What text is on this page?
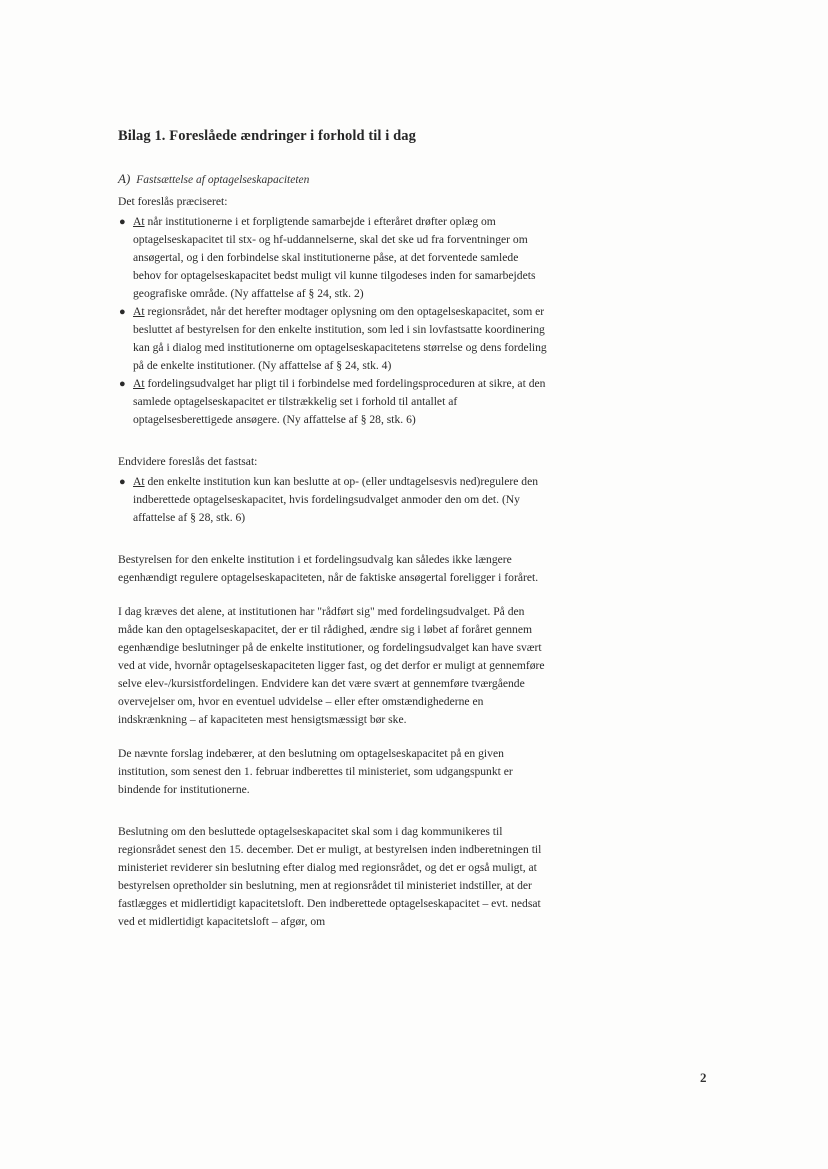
Bilag 1. Foreslåede ændringer i forhold til i dag
A) Fastsættelse af optagelseskapaciteten

Det foreslås præciseret:

● At når institutionerne i et forpligtende samarbejde i efteråret drøfter oplæg om optagelseskapacitet til stx- og hf-uddannelserne, skal det ske ud fra forventninger om ansøgertal, og i den forbindelse skal institutionerne påse, at det forventede samlede behov for optagelseskapacitet bedst muligt vil kunne tilgodeses inden for samarbejdets geografiske område. (Ny affattelse af § 24, stk. 2)
● At regionsrådet, når det herefter modtager oplysning om den optagelseskapacitet, som er besluttet af bestyrelsen for den enkelte institution, som led i sin lovfastsatte koordinering kan gå i dialog med institutionerne om optagelseskapacitetens størrelse og dens fordeling på de enkelte institutioner. (Ny affattelse af § 24, stk. 4)
● At fordelingsudvalget har pligt til i forbindelse med fordelingsproceduren at sikre, at den samlede optagelseskapacitet er tilstrækkelig set i forhold til antallet af optagelsesberettigede ansøgere. (Ny affattelse af § 28, stk. 6)

Endvidere foreslås det fastsat:

● At den enkelte institution kun kan beslutte at op- (eller undtagelsesvis ned)regulere den indberettede optagelseskapacitet, hvis fordelingsudvalget anmoder den om det. (Ny affattelse af § 28, stk. 6)

Bestyrelsen for den enkelte institution i et fordelingsudvalg kan således ikke længere egenhændigt regulere optagelseskapaciteten, når de faktiske ansøgertal foreligger i foråret.

I dag kræves det alene, at institutionen har "rådført sig" med fordelingsudvalget. På den måde kan den optagelseskapacitet, der er til rådighed, ændre sig i løbet af foråret gennem egenhændige beslutninger på de enkelte institutioner, og fordelingsudvalget kan have svært ved at vide, hvornår optagelseskapaciteten ligger fast, og det derfor er muligt at gennemføre selve elev-/kursistfordelingen. Endvidere kan det være svært at gennemføre tværgående overvejelser om, hvor en eventuel udvidelse – eller efter omstændighederne en indskrænkning – af kapaciteten mest hensigtsmæssigt bør ske.

De nævnte forslag indebærer, at den beslutning om optagelseskapacitet på en given institution, som senest den 1. februar indberettes til ministeriet, som udgangspunkt er bindende for institutionerne.

Beslutning om den besluttede optagelseskapacitet skal som i dag kommunikeres til regionsrådet senest den 15. december. Det er muligt, at bestyrelsen inden indberetningen til ministeriet reviderer sin beslutning efter dialog med regionsrådet, og det er også muligt, at bestyrelsen opretholder sin beslutning, men at regionsrådet til ministeriet indstiller, at der fastlægges et midlertidigt kapacitetsloft. Den indberettede optagelseskapacitet – evt. nedsat ved et midlertidigt kapacitetsloft – afgør, om

2
